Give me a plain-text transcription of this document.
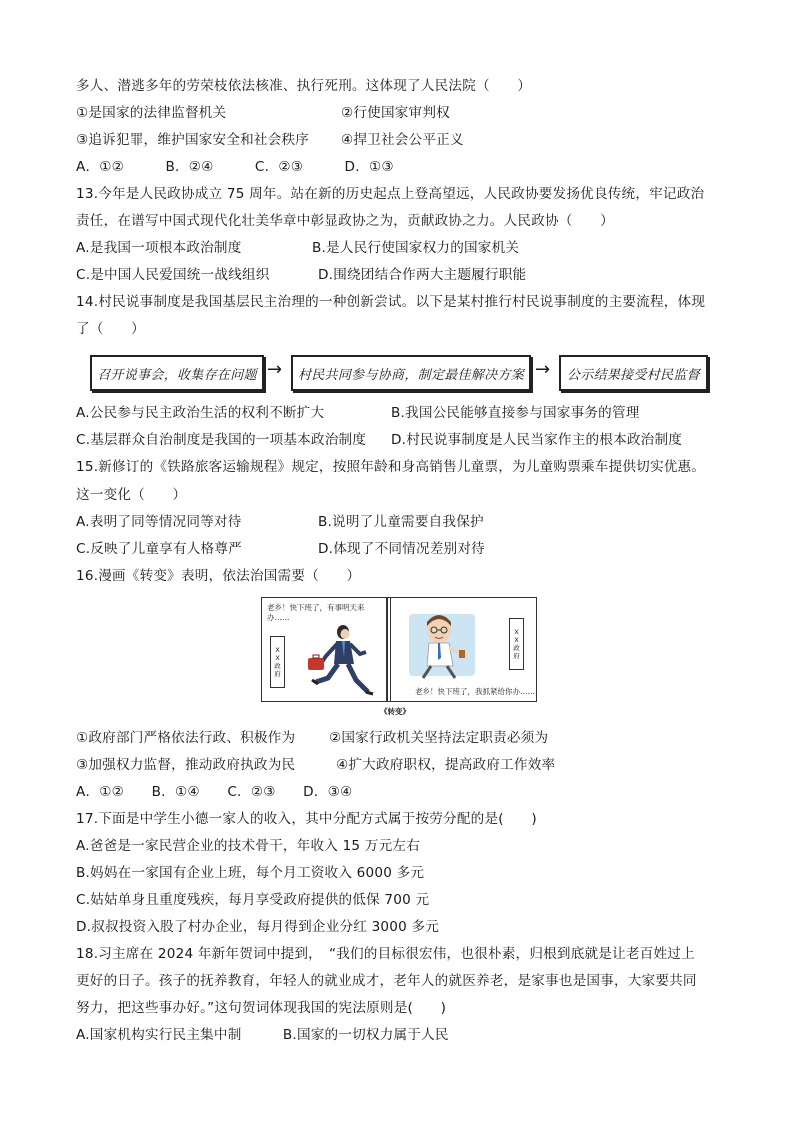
多人、潜逃多年的劳荣枝依法核准、执行死刑。这体现了人民法院（　　）
①是国家的法律监督机关	②行使国家审判权
③追诉犯罪，维护国家安全和社会秩序 ④捍卫社会公平正义
A．①②　　　B．②④　　　C．②③　　　D．①③
13.今年是人民政协成立 75 周年。站在新的历史起点上登高望远，人民政协要发扬优良传统，牢记政治
责任，在谱写中国式现代化壮美华章中彰显政协之为，贡献政协之力。人民政协（　　）
A.是我国一项根本政治制度	B.是人民行使国家权力的国家机关
C.是中国人民爱国统一战线组织	D.围绕团结合作两大主题履行职能
14.村民说事制度是我国基层民主治理的一种创新尝试。以下是某村推行村民说事制度的主要流程，体现
了（　　）
召开说事会，收集存在问题 →	村民共同参与协商，制定最佳解决方案 →	公示结果接受村民监督
A.公民参与民主政治生活的权利不断扩大	B.我国公民能够直接参与国家事务的管理
C.基层群众自治制度是我国的一项基本政治制度 D.村民说事制度是人民当家作主的根本政治制度
15.新修订的《铁路旅客运输规程》规定，按照年龄和身高销售儿童票，为儿童购票乘车提供切实优惠。
这一变化（　　）
A.表明了同等情况同等对待	B.说明了儿童需要自我保护
C.反映了儿童享有人格尊严	D.体现了不同情况差别对待
16.漫画《转变》表明，依法治国需要（　　）
老乡！快下班了，有事明天来
办……
X
X
政
府
X
X
政
府
老乡！快下班了，我抓紧给你办……
《转变》
①政府部门严格依法行政、积极作为 ②国家行政机关坚持法定职责必须为
③加强权力监督，推动政府执政为民	④扩大政府职权，提高政府工作效率
A．①②　　B．①④　　C．②③　　D．③④
17.下面是中学生小德一家人的收入，其中分配方式属于按劳分配的是(　　)
A.爸爸是一家民营企业的技术骨干，年收入 15 万元左右
B.妈妈在一家国有企业上班，每个月工资收入 6000 多元
C.姑姑单身且重度残疾，每月享受政府提供的低保 700 元
D.叔叔投资入股了村办企业，每月得到企业分红 3000 多元
18.习主席在 2024 年新年贺词中提到，　“我们的目标很宏伟，也很朴素，归根到底就是让老百姓过上
更好的日子。孩子的抚养教育，年轻人的就业成才，老年人的就医养老，是家事也是国事，大家要共同
努力，把这些事办好。”这句贺词体现我国的宪法原则是(　　)
A.国家机构实行民主集中制　　　B.国家的一切权力属于人民
